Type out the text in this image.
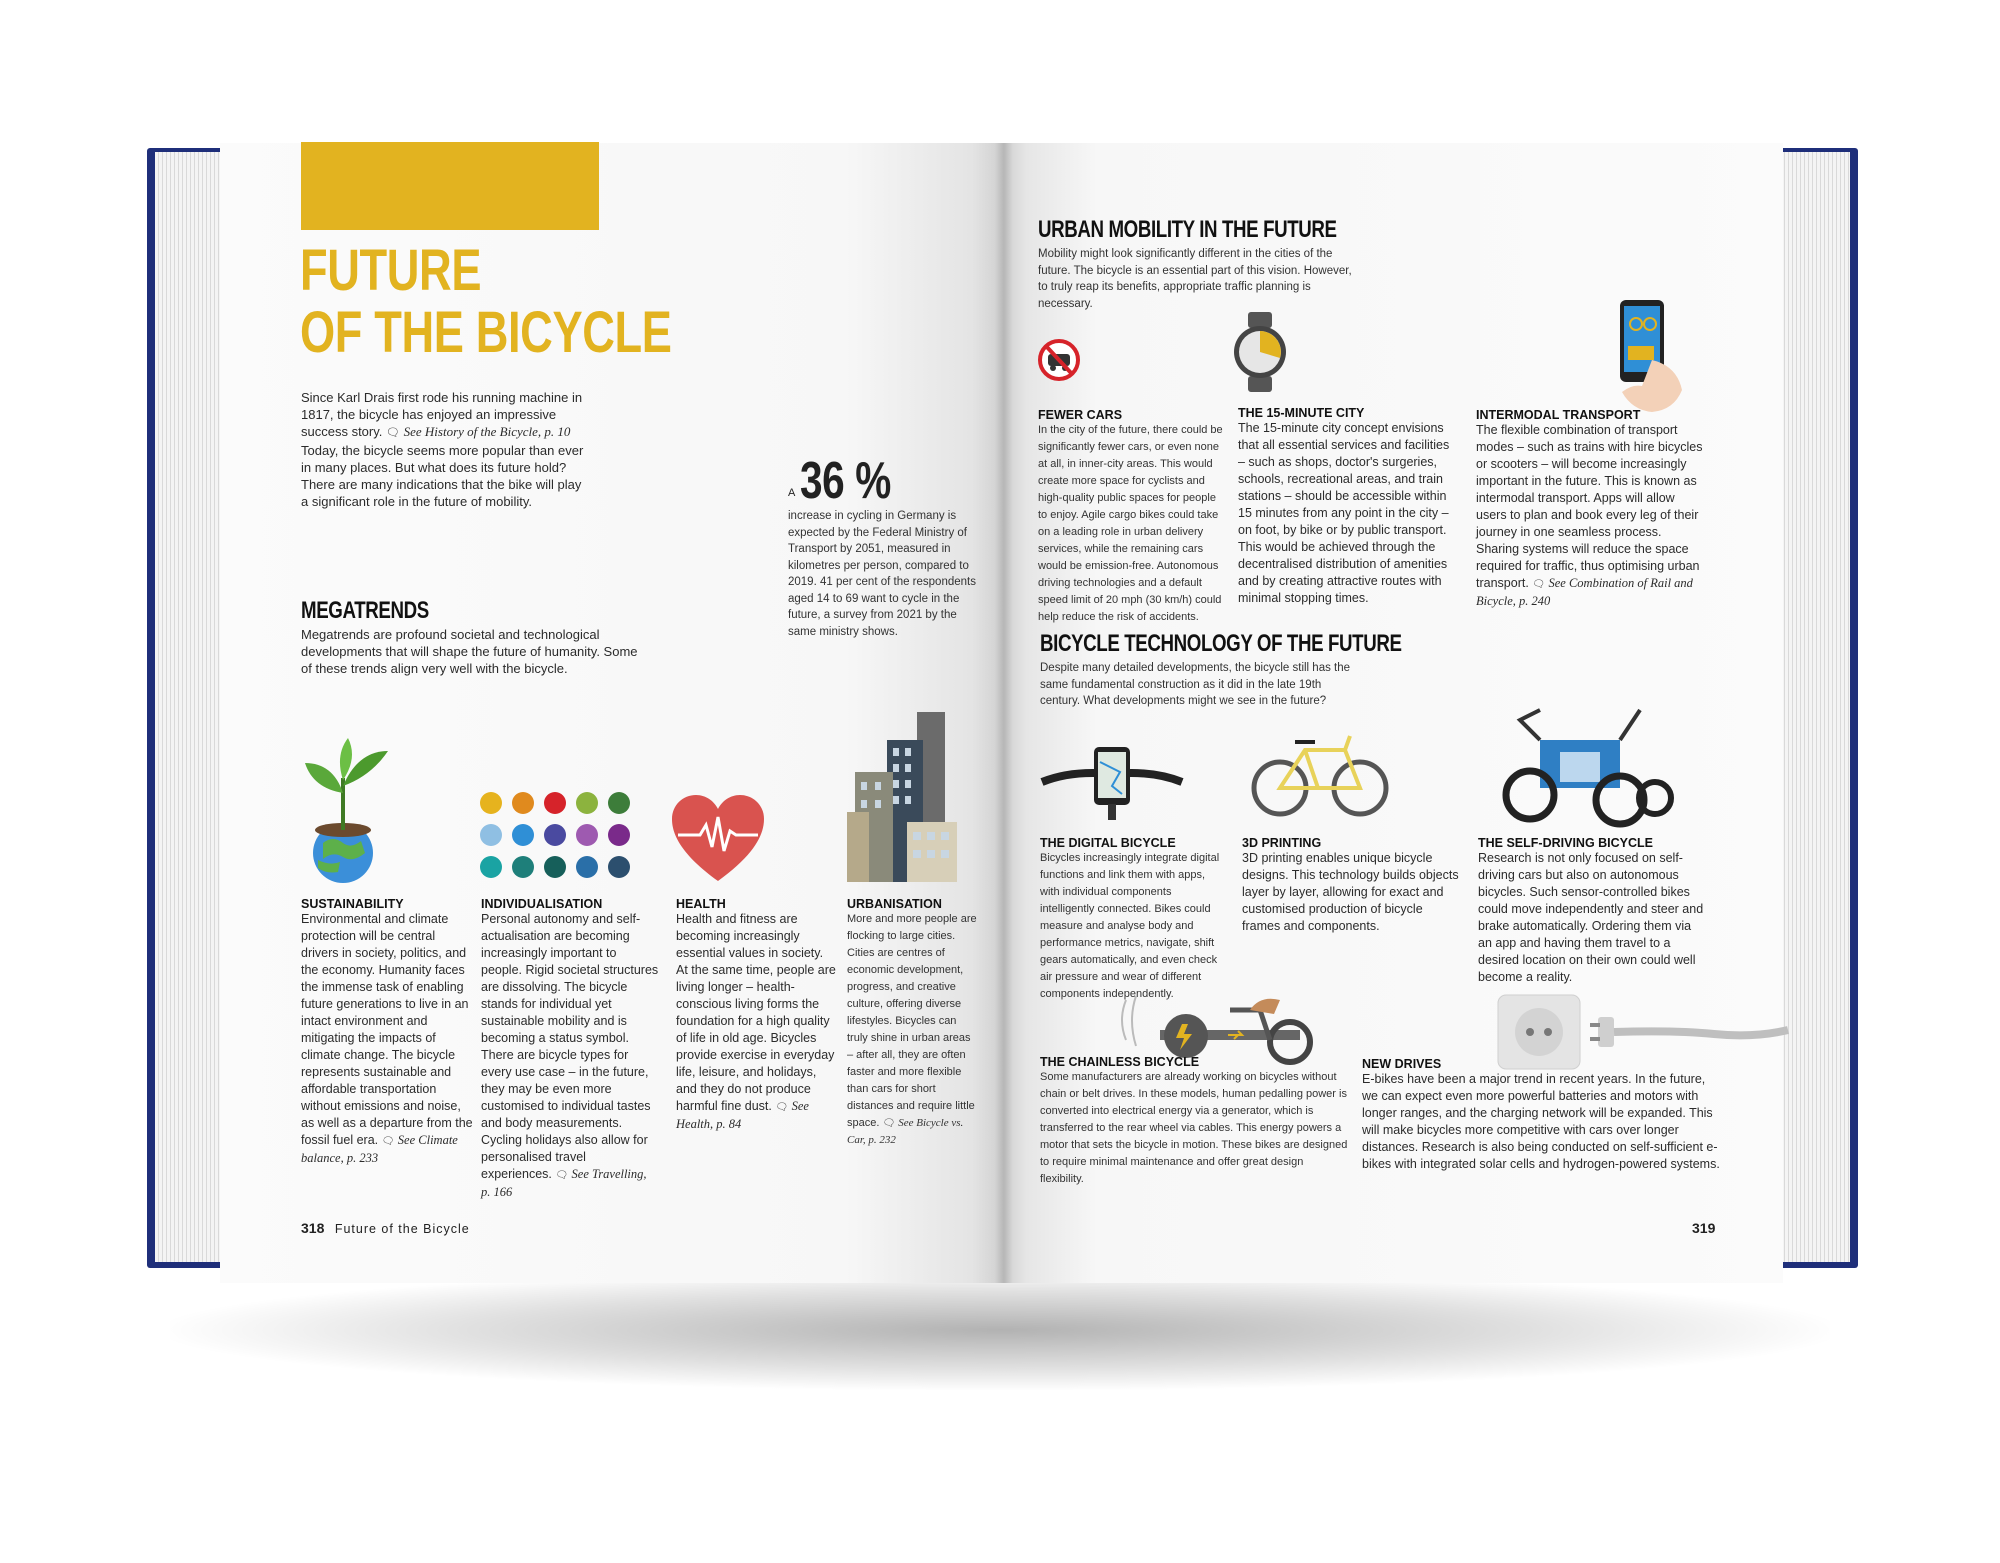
FUTURE
OF THE BICYCLE
Since Karl Drais first rode his running machine in 1817, the bicycle has enjoyed an impressive success story. 🗨 See History of the Bicycle, p. 10 Today, the bicycle seems more popular than ever in many places. But what does its future hold? There are many indications that the bike will play a significant role in the future of mobility.
A 36 %
increase in cycling in Germany is expected by the Federal Ministry of Transport by 2051, measured in kilometres per person, compared to 2019. 41 per cent of the respondents aged 14 to 69 want to cycle in the future, a survey from 2021 by the same ministry shows.
MEGATRENDS
Megatrends are profound societal and technological developments that will shape the future of humanity. Some of these trends align very well with the bicycle.
SUSTAINABILITY
Environmental and climate protection will be central drivers in society, politics, and the economy. Humanity faces the immense task of enabling future generations to live in an intact environment and mitigating the impacts of climate change. The bicycle represents sustainable and affordable transportation without emissions and noise, as well as a departure from the fossil fuel era. 🗨 See Climate balance, p. 233
INDIVIDUALISATION
Personal autonomy and self-actualisation are becoming increasingly important to people. Rigid societal structures are dissolving. The bicycle stands for individual yet sustainable mobility and is becoming a status symbol. There are bicycle types for every use case – in the future, they may be even more customised to individual tastes and body measurements. Cycling holidays also allow for personalised travel experiences. 🗨 See Travelling, p. 166
HEALTH
Health and fitness are becoming increasingly essential values in society. At the same time, people are living longer – health-conscious living forms the foundation for a high quality of life in old age. Bicycles provide exercise in everyday life, leisure, and holidays, and they do not produce harmful fine dust. 🗨 See Health, p. 84
URBANISATION
More and more people are flocking to large cities. Cities are centres of economic development, progress, and creative culture, offering diverse lifestyles. Bicycles can truly shine in urban areas – after all, they are often faster and more flexible than cars for short distances and require little space. 🗨 See Bicycle vs. Car, p. 232
318 Future of the Bicycle
URBAN MOBILITY IN THE FUTURE
Mobility might look significantly different in the cities of the future. The bicycle is an essential part of this vision. However, to truly reap its benefits, appropriate traffic planning is necessary.
FEWER CARS
In the city of the future, there could be significantly fewer cars, or even none at all, in inner-city areas. This would create more space for cyclists and high-quality public spaces for people to enjoy. Agile cargo bikes could take on a leading role in urban delivery services, while the remaining cars would be emission-free. Autonomous driving technologies and a default speed limit of 20 mph (30 km/h) could help reduce the risk of accidents.
THE 15-MINUTE CITY
The 15-minute city concept envisions that all essential services and facilities – such as shops, doctor's surgeries, schools, recreational areas, and train stations – should be accessible within 15 minutes from any point in the city – on foot, by bike or by public transport. This would be achieved through the decentralised distribution of amenities and by creating attractive routes with minimal stopping times.
INTERMODAL TRANSPORT
The flexible combination of transport modes – such as trains with hire bicycles or scooters – will become increasingly important in the future. This is known as intermodal transport. Apps will allow users to plan and book every leg of their journey in one seamless process. Sharing systems will reduce the space required for traffic, thus optimising urban transport. 🗨 See Combination of Rail and Bicycle, p. 240
BICYCLE TECHNOLOGY OF THE FUTURE
Despite many detailed developments, the bicycle still has the same fundamental construction as it did in the late 19th century. What developments might we see in the future?
THE DIGITAL BICYCLE
Bicycles increasingly integrate digital functions and link them with apps, with individual components intelligently connected. Bikes could measure and analyse body and performance metrics, navigate, shift gears automatically, and even check air pressure and wear of different components independently.
3D PRINTING
3D printing enables unique bicycle designs. This technology builds objects layer by layer, allowing for exact and customised production of bicycle frames and components.
THE SELF-DRIVING BICYCLE
Research is not only focused on self-driving cars but also on autonomous bicycles. Such sensor-controlled bikes could move independently and steer and brake automatically. Ordering them via an app and having them travel to a desired location on their own could well become a reality.
THE CHAINLESS BICYCLE
Some manufacturers are already working on bicycles without chain or belt drives. In these models, human pedalling power is converted into electrical energy via a generator, which is transferred to the rear wheel via cables. This energy powers a motor that sets the bicycle in motion. These bikes are designed to require minimal maintenance and offer great design flexibility.
NEW DRIVES
E-bikes have been a major trend in recent years. In the future, we can expect even more powerful batteries and motors with longer ranges, and the charging network will be expanded. This will make bicycles more competitive with cars over longer distances. Research is also being conducted on self-sufficient e-bikes with integrated solar cells and hydrogen-powered systems.
319
